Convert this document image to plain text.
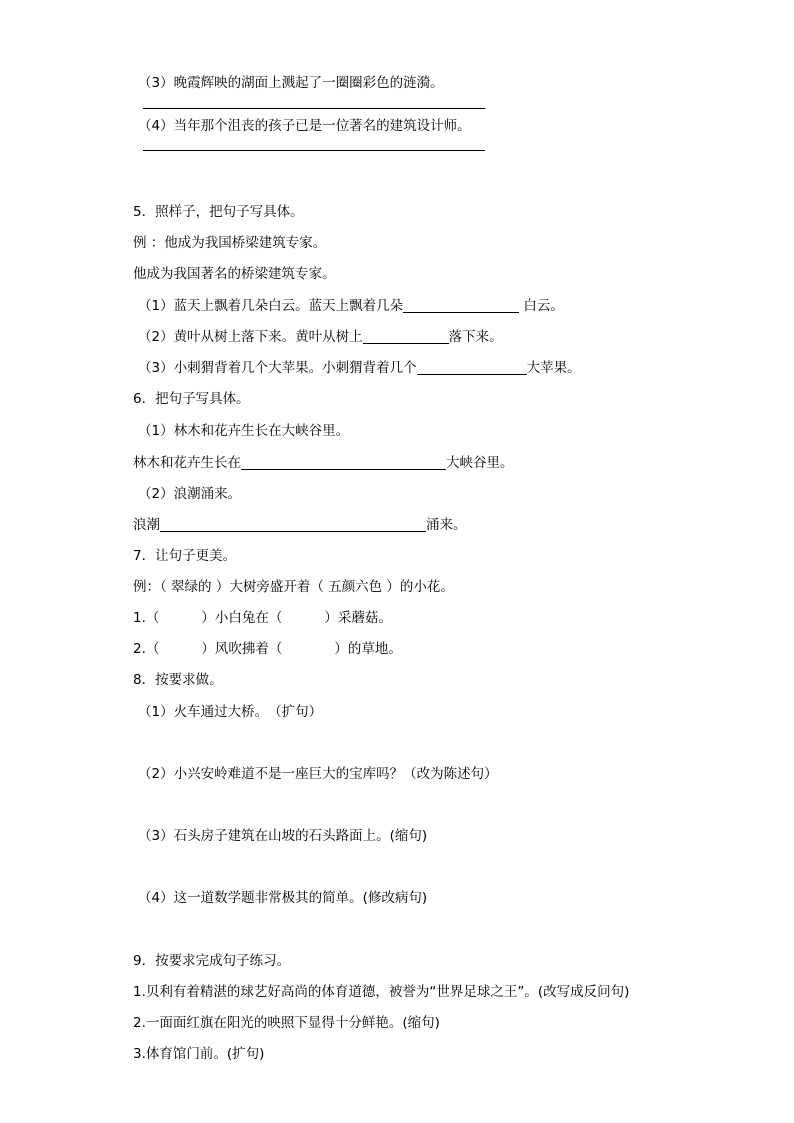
（3）晚霞辉映的湖面上溅起了一圈圈彩色的涟漪。
（4）当年那个沮丧的孩子已是一位著名的建筑设计师。
5．照样子，把句子写具体。
例 ：他成为我国桥梁建筑专家。
他成为我国著名的桥梁建筑专家。
（1）蓝天上飘着几朵白云。蓝天上飘着几朵	白云。
（2）黄叶从树上落下来。黄叶从树上	落下来。
（3）小刺猬背着几个大苹果。小刺猬背着几个	大苹果。
6．把句子写具体。
（1）林木和花卉生长在大峡谷里。
林木和花卉生长在	大峡谷里。
（2）浪潮涌来。
浪潮	涌来。
7．让句子更美。
例：（ 翠绿的 ）大树旁盛开着（ 五颜六色 ）的小花。
1.（	）小白兔在（	）采蘑菇。
2.（	）风吹拂着（	）的草地。
8．按要求做。
（1）火车通过大桥。　（扩句）
（2）小兴安岭难道不是一座巨大的宝库吗？（改为陈述句）
（3）石头房子建筑在山坡的石头路面上。(缩句)
（4）这一道数学题非常极其的简单。(修改病句)
9．按要求完成句子练习。
1.贝利有着精湛的球艺好高尚的体育道德，被誉为“世界足球之王”。(改写成反问句)
2.一面面红旗在阳光的映照下显得十分鲜艳。(缩句)
3.体育馆门前。(扩句)
